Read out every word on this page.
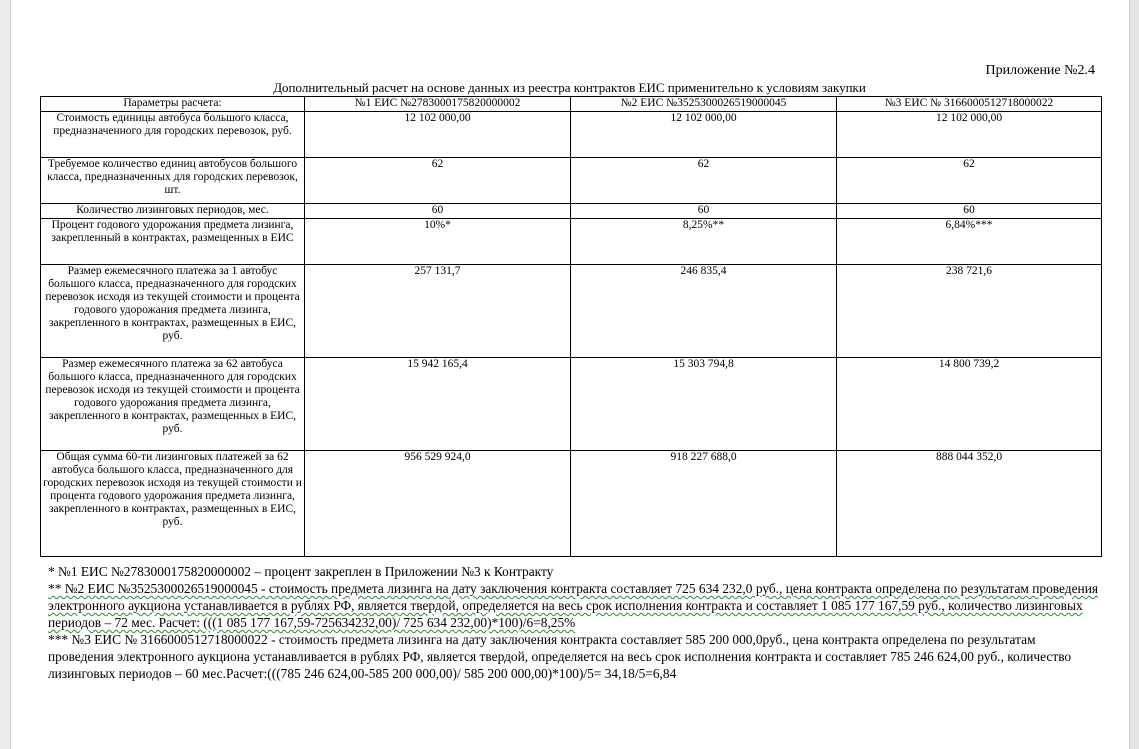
Приложение №2.4
Дополнительный расчет на основе данных из реестра контрактов ЕИС применительно к условиям закупки
Параметры расчета:	№1 ЕИС №2783000175820000002	№2 ЕИС №3525300026519000045	№3 ЕИС № 3166000512718000022
Стоимость единицы автобуса большого класса, предназначенного для городских перевозок, руб.	12 102 000,00	12 102 000,00	12 102 000,00
Требуемое количество единиц автобусов большого класса, предназначенных для городских перевозок, шт.	62	62	62
Количество лизинговых периодов, мес.	60	60	60
Процент годового удорожания предмета лизинга, закрепленный в контрактах, размещенных в ЕИС	10%*	8,25%**	6,84%***
Размер ежемесячного платежа за 1 автобус большого класса, предназначенного для городских перевозок исходя из текущей стоимости и процента годового удорожания предмета лизинга, закрепленного в контрактах, размещенных в ЕИС, руб.	257 131,7	246 835,4	238 721,6
Размер ежемесячного платежа за 62 автобуса большого класса, предназначенного для городских перевозок исходя из текущей стоимости и процента годового удорожания предмета лизинга, закрепленного в контрактах, размещенных в ЕИС, руб.	15 942 165,4	15 303 794,8	14 800 739,2
Общая сумма 60-ти лизинговых платежей за 62 автобуса большого класса, предназначенного для городских перевозок исходя из текущей стоимости и процента годового удорожания предмета лизинга, закрепленного в контрактах, размещенных в ЕИС, руб.	956 529 924,0	918 227 688,0	888 044 352,0

* №1 ЕИС №2783000175820000002 – процент закреплен в Приложении №3 к Контракту

** №2 ЕИС №3525300026519000045 - стоимость предмета лизинга на дату заключения контракта составляет 725 634 232,0 руб., цена контракта определена по результатам проведения электронного аукциона устанавливается в рублях РФ, является твердой, определяется на весь срок исполнения контракта и составляет 1 085 177 167,59 руб., количество лизинговых периодов – 72 мес. Расчет: (((1 085 177 167,59-725634232,00)/ 725 634 232,00)*100)/6=8,25%

*** №3 ЕИС № 3166000512718000022 - стоимость предмета лизинга на дату заключения контракта составляет 585 200 000,0руб., цена контракта определена по результатам проведения электронного аукциона устанавливается в рублях РФ, является твердой, определяется на весь срок исполнения контракта и составляет 785 246 624,00 руб., количество лизинговых периодов – 60 мес.Расчет:(((785 246 624,00-585 200 000,00)/ 585 200 000,00)*100)/5= 34,18/5=6,84
